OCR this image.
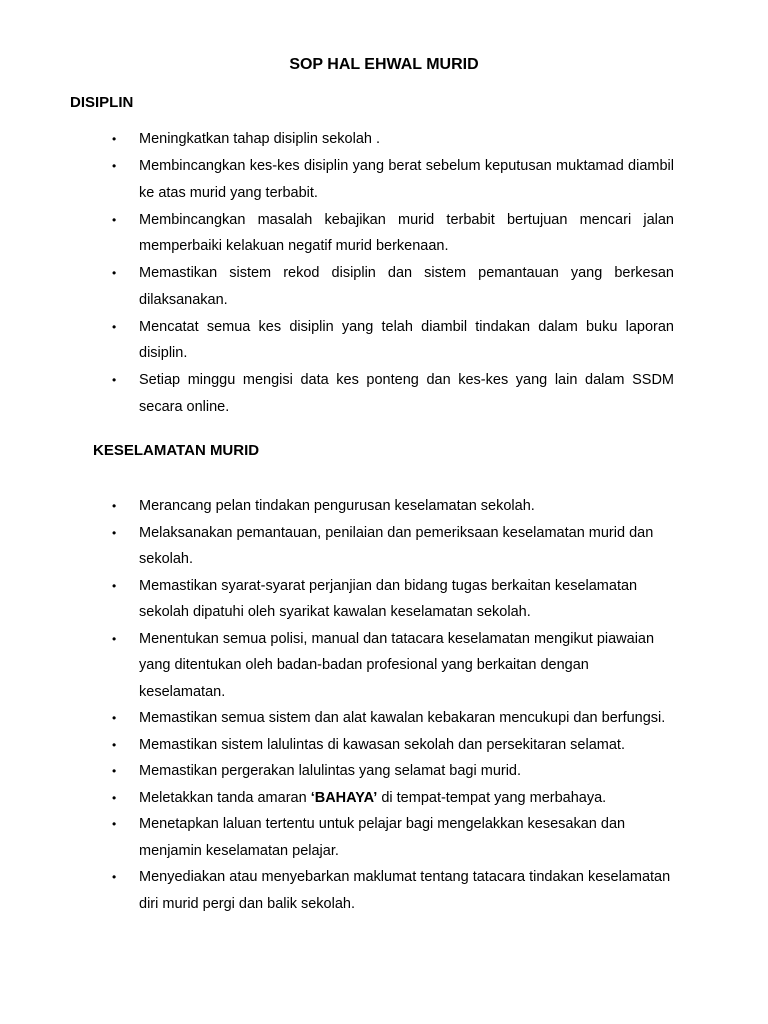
SOP HAL EHWAL MURID
DISIPLIN
• Meningkatkan tahap disiplin sekolah .
• Membincangkan kes-kes disiplin yang berat sebelum keputusan muktamad diambil ke atas murid yang terbabit.
• Membincangkan masalah kebajikan murid terbabit bertujuan mencari jalan memperbaiki kelakuan negatif murid berkenaan.
• Memastikan sistem rekod disiplin dan sistem pemantauan yang berkesan dilaksanakan.
• Mencatat semua kes disiplin yang telah diambil tindakan dalam buku laporan disiplin.
• Setiap minggu mengisi data kes ponteng dan kes-kes yang lain dalam SSDM secara online.
KESELAMATAN MURID
• Merancang pelan tindakan pengurusan keselamatan sekolah.
• Melaksanakan pemantauan, penilaian dan pemeriksaan keselamatan murid dan sekolah.
• Memastikan syarat-syarat perjanjian dan bidang tugas berkaitan keselamatan sekolah dipatuhi oleh syarikat kawalan keselamatan sekolah.
• Menentukan semua polisi, manual dan tatacara keselamatan mengikut piawaian yang ditentukan oleh badan-badan profesional yang berkaitan dengan keselamatan.
• Memastikan semua sistem dan alat kawalan kebakaran mencukupi dan berfungsi.
• Memastikan sistem lalulintas di kawasan sekolah dan persekitaran selamat.
• Memastikan pergerakan lalulintas yang selamat bagi murid.
• Meletakkan tanda amaran ‘BAHAYA’ di tempat-tempat yang merbahaya.
• Menetapkan laluan tertentu untuk pelajar bagi mengelakkan kesesakan dan menjamin keselamatan pelajar.
• Menyediakan atau menyebarkan maklumat tentang tatacara tindakan keselamatan diri murid pergi dan balik sekolah.
